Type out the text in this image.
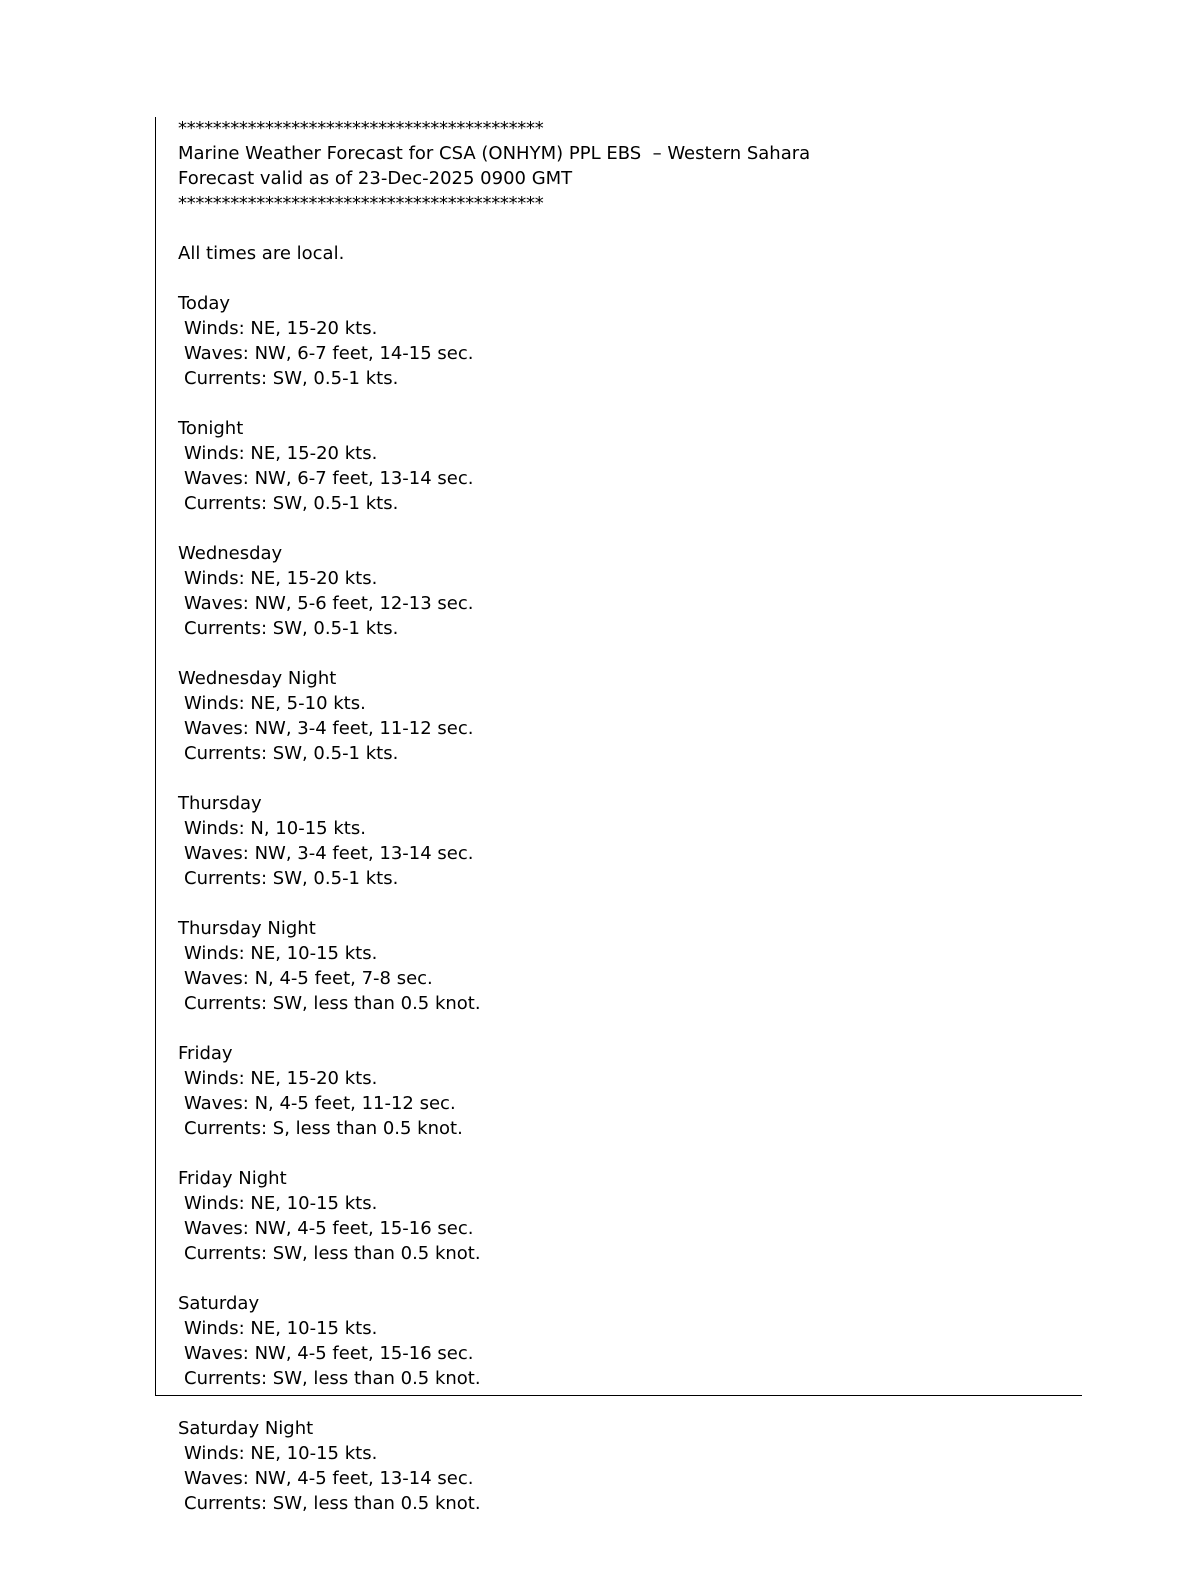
******************************************
Marine Weather Forecast for CSA (ONHYM) PPL EBS  – Western Sahara
Forecast valid as of 23-Dec-2025 0900 GMT
******************************************
All times are local.
Today
Winds: NE, 15-20 kts.
Waves: NW, 6-7 feet, 14-15 sec.
Currents: SW, 0.5-1 kts.
Tonight
Winds: NE, 15-20 kts.
Waves: NW, 6-7 feet, 13-14 sec.
Currents: SW, 0.5-1 kts.
Wednesday
Winds: NE, 15-20 kts.
Waves: NW, 5-6 feet, 12-13 sec.
Currents: SW, 0.5-1 kts.
Wednesday Night
Winds: NE, 5-10 kts.
Waves: NW, 3-4 feet, 11-12 sec.
Currents: SW, 0.5-1 kts.
Thursday
Winds: N, 10-15 kts.
Waves: NW, 3-4 feet, 13-14 sec.
Currents: SW, 0.5-1 kts.
Thursday Night
Winds: NE, 10-15 kts.
Waves: N, 4-5 feet, 7-8 sec.
Currents: SW, less than 0.5 knot.
Friday
Winds: NE, 15-20 kts.
Waves: N, 4-5 feet, 11-12 sec.
Currents: S, less than 0.5 knot.
Friday Night
Winds: NE, 10-15 kts.
Waves: NW, 4-5 feet, 15-16 sec.
Currents: SW, less than 0.5 knot.
Saturday
Winds: NE, 10-15 kts.
Waves: NW, 4-5 feet, 15-16 sec.
Currents: SW, less than 0.5 knot.
Saturday Night
Winds: NE, 10-15 kts.
Waves: NW, 4-5 feet, 13-14 sec.
Currents: SW, less than 0.5 knot.
